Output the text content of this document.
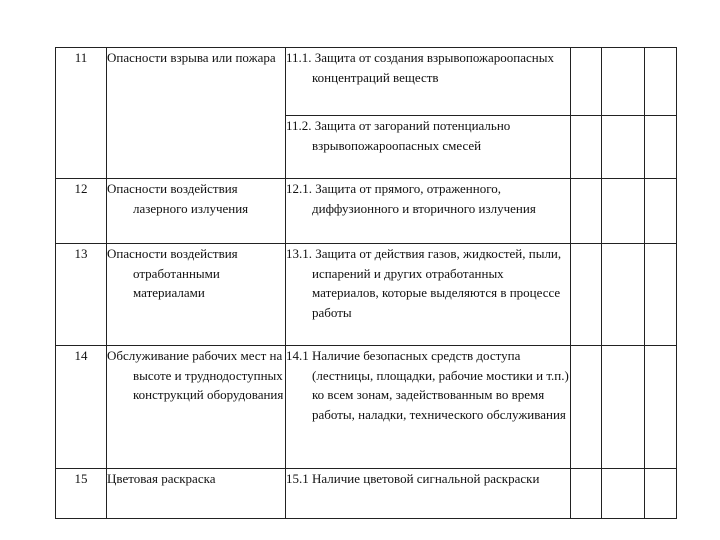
11	Опасности взрыва или пожара	11.1. Защита от создания взрывопожароопасных концентраций веществ			

		11.2. Защита от загораний потенциально взрывопожароопасных смесей			

12	Опасности воздействия лазерного излучения	12.1. Защита от прямого, отраженного, диффузионного и вторичного излучения			

13	Опасности воздействия отработанными материалами	13.1. Защита от действия газов, жидкостей, пыли, испарений и других отработанных материалов, которые выделяются в процессе работы			

14	Обслуживание рабочих мест на высоте и труднодоступных конструкций оборудования	14.1 Наличие безопасных средств доступа (лестницы, площадки, рабочие мостики и т.п.) ко всем зонам, задействованным во время работы, наладки, технического обслуживания			

15	Цветовая раскраска	15.1 Наличие цветовой сигнальной раскраски			
